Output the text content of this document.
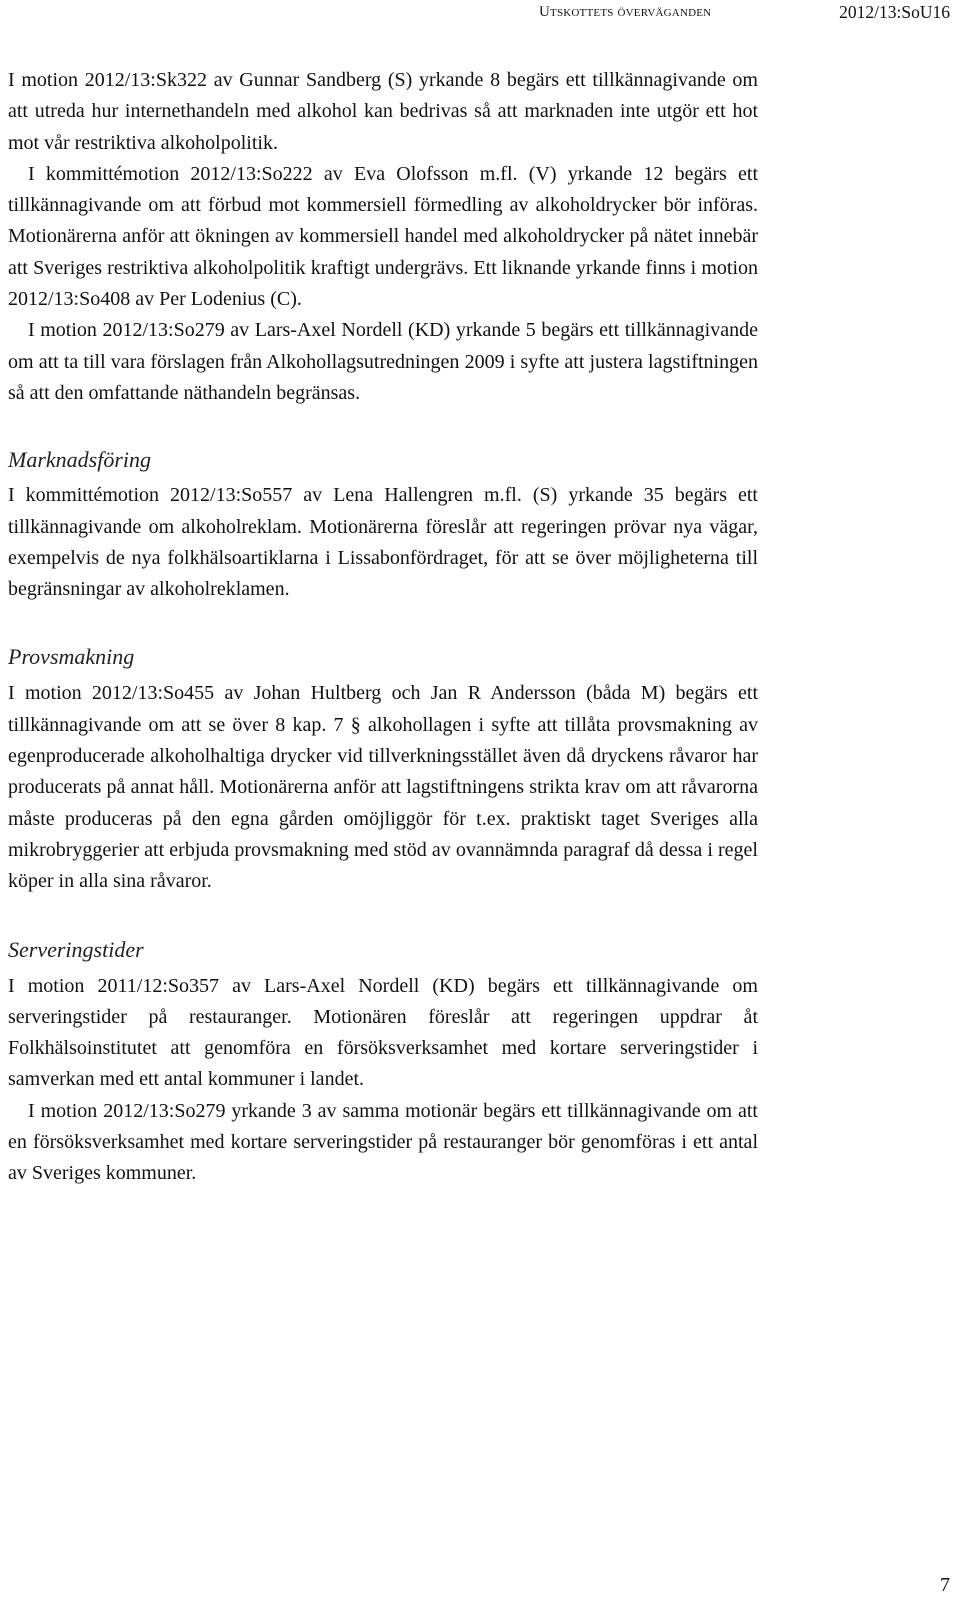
Utskottets överväganden	2012/13:SoU16

I motion 2012/13:Sk322 av Gunnar Sandberg (S) yrkande 8 begärs ett tillkännagivande om att utreda hur internethandeln med alkohol kan bedrivas så att marknaden inte utgör ett hot mot vår restriktiva alkoholpolitik.

I kommittémotion 2012/13:So222 av Eva Olofsson m.fl. (V) yrkande 12 begärs ett tillkännagivande om att förbud mot kommersiell förmedling av alkoholdrycker bör införas. Motionärerna anför att ökningen av kommersiell handel med alkoholdrycker på nätet innebär att Sveriges restriktiva alkoholpolitik kraftigt undergrävs. Ett liknande yrkande finns i motion 2012/13:So408 av Per Lodenius (C).

I motion 2012/13:So279 av Lars-Axel Nordell (KD) yrkande 5 begärs ett tillkännagivande om att ta till vara förslagen från Alkohollagsutredningen 2009 i syfte att justera lagstiftningen så att den omfattande näthandeln begränsas.

Marknadsföring

I kommittémotion 2012/13:So557 av Lena Hallengren m.fl. (S) yrkande 35 begärs ett tillkännagivande om alkoholreklam. Motionärerna föreslår att regeringen prövar nya vägar, exempelvis de nya folkhälsoartiklarna i Lissabonfördraget, för att se över möjligheterna till begränsningar av alkoholreklamen.

Provsmakning

I motion 2012/13:So455 av Johan Hultberg och Jan R Andersson (båda M) begärs ett tillkännagivande om att se över 8 kap. 7 § alkohollagen i syfte att tillåta provsmakning av egenproducerade alkoholhaltiga drycker vid tillverkningsstället även då dryckens råvaror har producerats på annat håll. Motionärerna anför att lagstiftningens strikta krav om att råvarorna måste produceras på den egna gården omöjliggör för t.ex. praktiskt taget Sveriges alla mikrobryggerier att erbjuda provsmakning med stöd av ovannämnda paragraf då dessa i regel köper in alla sina råvaror.

Serveringstider

I motion 2011/12:So357 av Lars-Axel Nordell (KD) begärs ett tillkännagivande om serveringstider på restauranger. Motionären föreslår att regeringen uppdrar åt Folkhälsoinstitutet att genomföra en försöksverksamhet med kortare serveringstider i samverkan med ett antal kommuner i landet.

I motion 2012/13:So279 yrkande 3 av samma motionär begärs ett tillkännagivande om att en försöksverksamhet med kortare serveringstider på restauranger bör genomföras i ett antal av Sveriges kommuner.

7
